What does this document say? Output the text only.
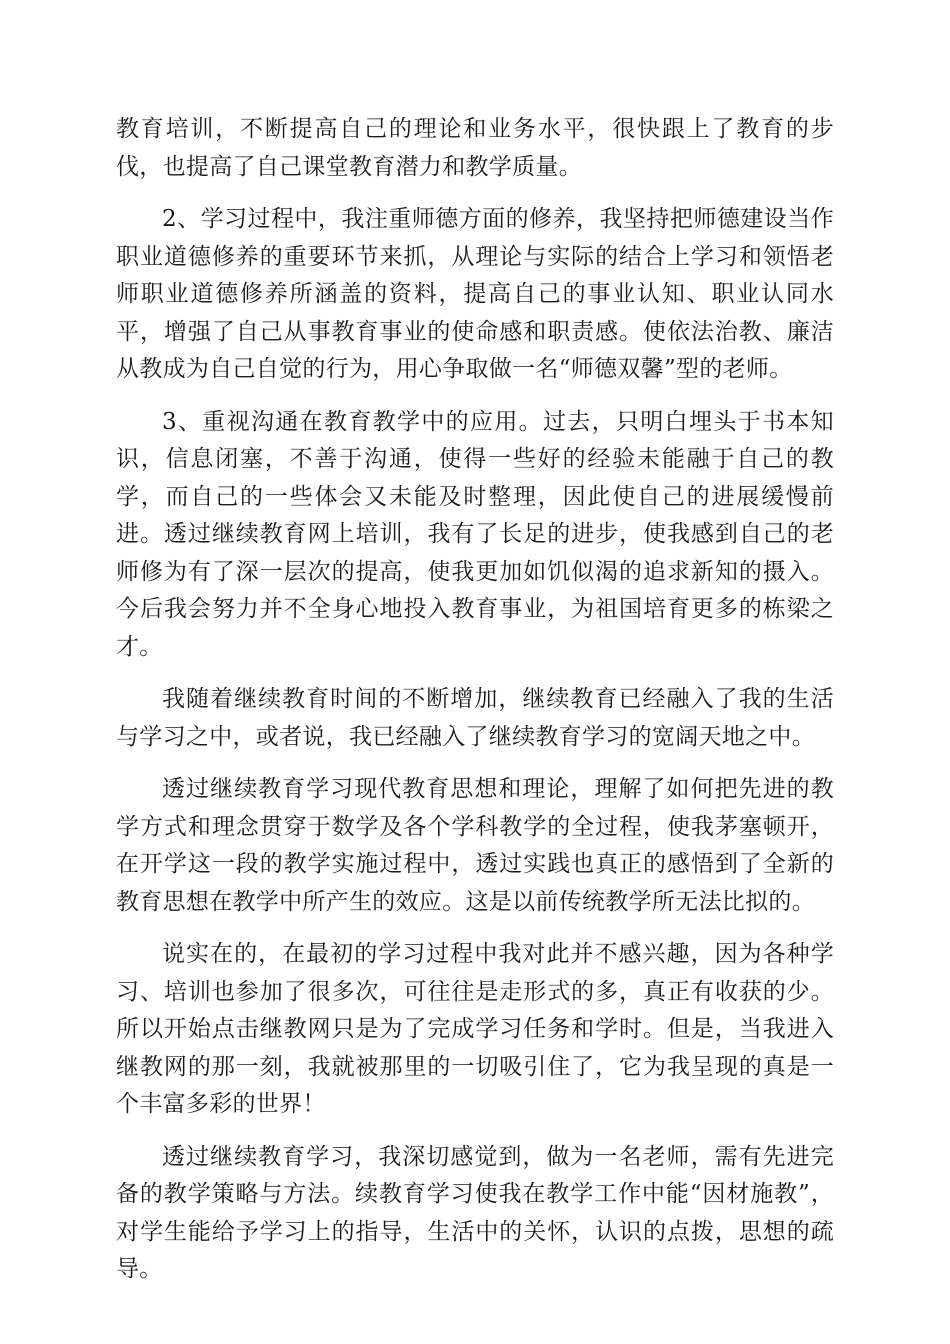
教育培训，不断提高自己的理论和业务水平，很快跟上了教育的步伐，也提高了自己课堂教育潜力和教学质量。

2、学习过程中，我注重师德方面的修养，我坚持把师德建设当作职业道德修养的重要环节来抓，从理论与实际的结合上学习和领悟老师职业道德修养所涵盖的资料，提高自己的事业认知、职业认同水平，增强了自己从事教育事业的使命感和职责感。使依法治教、廉洁从教成为自己自觉的行为，用心争取做一名“师德双馨”型的老师。

3、重视沟通在教育教学中的应用。过去，只明白埋头于书本知识，信息闭塞，不善于沟通，使得一些好的经验未能融于自己的教学，而自己的一些体会又未能及时整理，因此使自己的进展缓慢前进。透过继续教育网上培训，我有了长足的进步，使我感到自己的老师修为有了深一层次的提高，使我更加如饥似渴的追求新知的摄入。今后我会努力并不全身心地投入教育事业，为祖国培育更多的栋梁之才。

我随着继续教育时间的不断增加，继续教育已经融入了我的生活与学习之中，或者说，我已经融入了继续教育学习的宽阔天地之中。

透过继续教育学习现代教育思想和理论，理解了如何把先进的教学方式和理念贯穿于数学及各个学科教学的全过程，使我茅塞顿开，在开学这一段的教学实施过程中，透过实践也真正的感悟到了全新的教育思想在教学中所产生的效应。这是以前传统教学所无法比拟的。

说实在的，在最初的学习过程中我对此并不感兴趣，因为各种学习、培训也参加了很多次，可往往是走形式的多，真正有收获的少。所以开始点击继教网只是为了完成学习任务和学时。但是，当我进入继教网的那一刻，我就被那里的一切吸引住了，它为我呈现的真是一个丰富多彩的世界！

透过继续教育学习，我深切感觉到，做为一名老师，需有先进完备的教学策略与方法。续教育学习使我在教学工作中能“因材施教”，对学生能给予学习上的指导，生活中的关怀，认识的点拨，思想的疏导。
